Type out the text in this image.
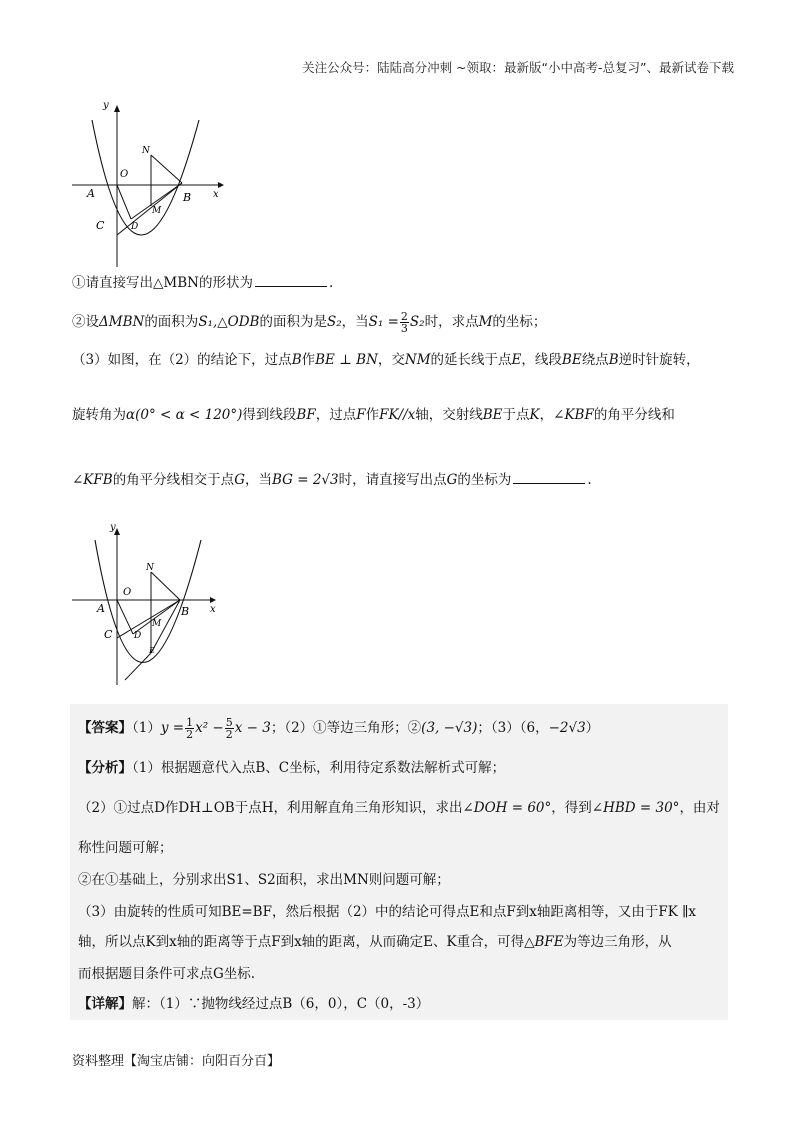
关注公众号：陆陆高分冲刺 ~领取：最新版“小中高考-总复习”、最新试卷下载
y
x
O
A	B
C	D
M
N
①请直接写出△MBN的形状为	.
②设ΔMBN的面积为S₁,△ODB的面积为是S₂，当$S_1 = \frac{2}{3} S_2$时，求点M的坐标；
（3）如图，在（2）的结论下，过点B作BE ⊥ BN，交NM的延长线于点E，线段BE绕点B逆时针旋转，
旋转角为α(0° < α < 120°)得到线段BF，过点F作FK//x轴，交射线BE于点K，∠KBF的角平分线和
∠KFB的角平分线相交于点G，当BG = 2√3时，请直接写出点G的坐标为	.
y
x
O
A	B
C D
M
N
E
【答案】$(1)y = \frac{1}{2} x^2 - \frac{5}{2}$ x − 3；（2）①等边三角形；②(3, −√3)；（3）（6，−2√3）
【分析】（1）根据题意代入点B、C坐标，利用待定系数法解析式可解；
（2）①过点D作DH⊥OB于点H，利用解直角三角形知识，求出∠DOH = 60°，得到∠HBD = 30°，由对
称性问题可解；
②在①基础上，分别求出S1、S2面积，求出MN则问题可解；
（3）由旋转的性质可知BE=BF，然后根据（2）中的结论可得点E和点F到x轴距离相等，又由于FK ∥x
轴，所以点K到x轴的距离等于点F到x轴的距离，从而确定E、K重合，可得△BFE为等边三角形，从
而根据题目条件可求点G坐标.
【详解】解：（1）∵抛物线经过点B（6，0），C（0，-3）
资料整理【淘宝店铺：向阳百分百】
